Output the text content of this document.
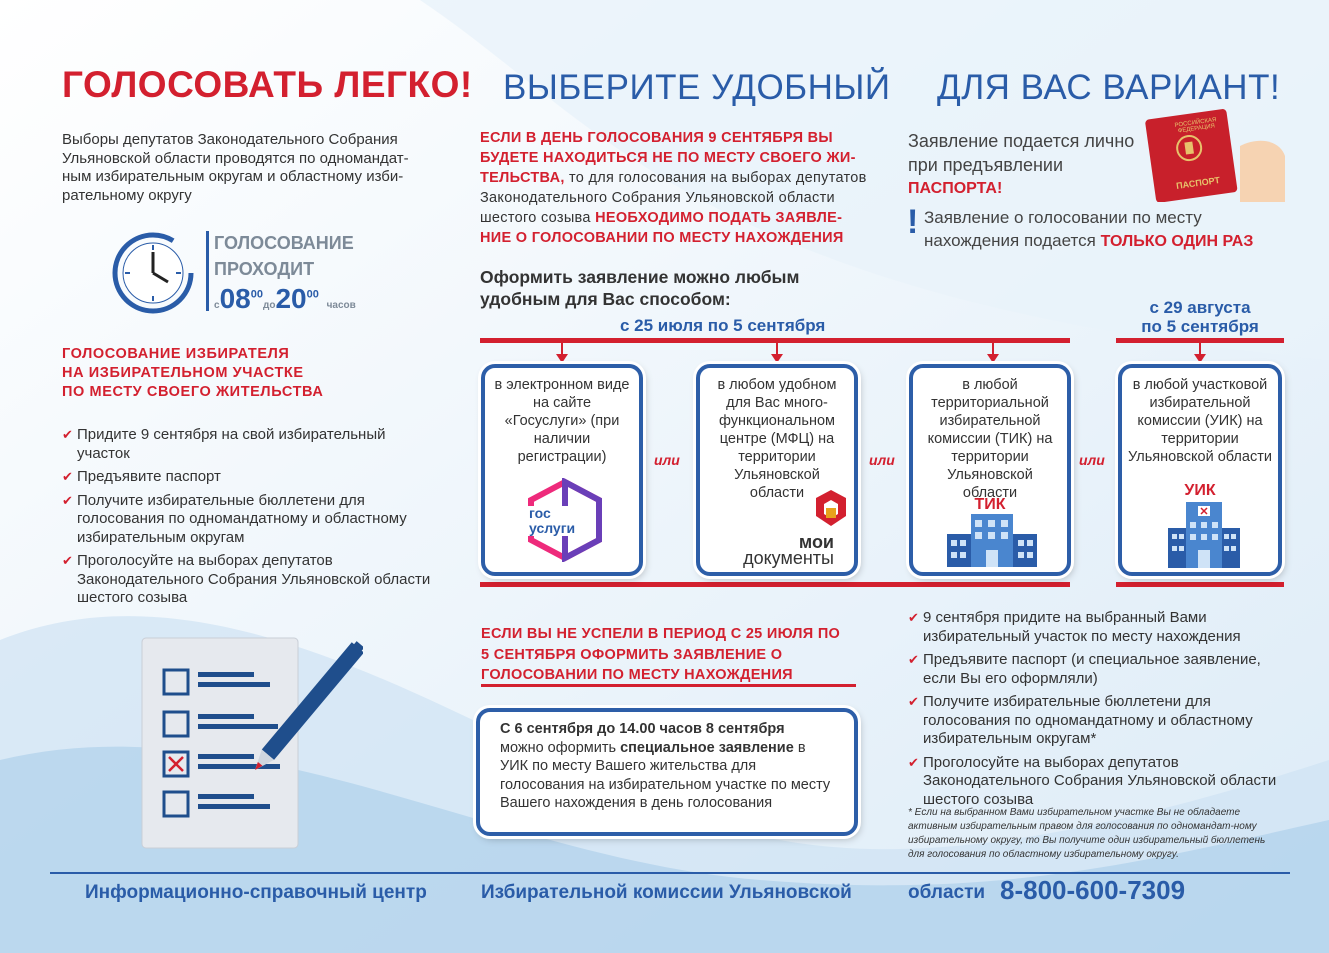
ГОЛОСОВАТЬ ЛЕГКО! ВЫБЕРИТЕ УДОБНЫЙ ДЛЯ ВАС ВАРИАНТ!
Выборы депутатов Законодательного Собрания Ульяновской области проводятся по одномандат-ным избирательным округам и областному изби-рательному округу
ГОЛОСОВАНИЕ
ПРОХОДИТ
$с08^{00}до20^{00}$ часов
ГОЛОСОВАНИЕ ИЗБИРАТЕЛЯ
НА ИЗБИРАТЕЛЬНОМ УЧАСТКЕ
ПО МЕСТУ СВОЕГО ЖИТЕЛЬСТВА
✔ Придите 9 сентября на свой избирательный участок
✔ Предъявите паспорт
✔ Получите избирательные бюллетени для голосования по одномандатному и областному избирательным округам
✔ Проголосуйте на выборах депутатов Законодательного Собрания Ульяновской области шестого созыва
ЕСЛИ В ДЕНЬ ГОЛОСОВАНИЯ 9 СЕНТЯБРЯ ВЫ БУДЕТЕ НАХОДИТЬСЯ НЕ ПО МЕСТУ СВОЕГО ЖИ-ТЕЛЬСТВА, то для голосования на выборах депутатов Законодательного Собрания Ульяновской области шестого созыва НЕОБХОДИМО ПОДАТЬ ЗАЯВЛЕ-НИЕ О ГОЛОСОВАНИИ ПО МЕСТУ НАХОЖДЕНИЯ
Оформить заявление можно любым удобным для Вас способом:
с 25 июля по 5 сентября
с 29 августа
по 5 сентября
Заявление подается лично при предъявлении
ПАСПОРТА!
РОССИЙСКАЯ ФЕДЕРАЦИЯ
ПАСПОРТ
! Заявление о голосовании по месту нахождения подается ТОЛЬКО ОДИН РАЗ
в электронном виде на сайте «Госуслуги» (при наличии регистрации)
гос
услуги
или
в любом удобном для Вас много-функциональном центре (МФЦ) на территории Ульяновской области
мои
документы
или
в любой территориальной избирательной комиссии (ТИК) на территории Ульяновской области
ТИК
или
в любой участковой избирательной комиссии (УИК) на территории Ульяновской области
УИК
ЕСЛИ ВЫ НЕ УСПЕЛИ В ПЕРИОД С 25 ИЮЛЯ ПО 5 СЕНТЯБРЯ ОФОРМИТЬ ЗАЯВЛЕНИЕ О ГОЛОСОВАНИИ ПО МЕСТУ НАХОЖДЕНИЯ
С 6 сентября до 14.00 часов 8 сентября
можно оформить специальное заявление в УИК по месту Вашего жительства для голосования на избирательном участке по месту Вашего нахождения в день голосования
✔ 9 сентября придите на выбранный Вами избирательный участок по месту нахождения
✔ Предъявите паспорт (и специальное заявление, если Вы его оформляли)
✔ Получите избирательные бюллетени для голосования по одномандатному и областному избирательным округам*
✔ Проголосуйте на выборах депутатов Законодательного Собрания Ульяновской области шестого созыва
* Если на выбранном Вами избирательном участке Вы не обладаете активным избирательным правом для голосования по одномандат-ному избирательному округу, то Вы получите один избирательный бюллетень для голосования по областному избирательному округу.
Информационно-справочный центр	Избирательной комиссии Ульяновской	области 8-800-600-7309
